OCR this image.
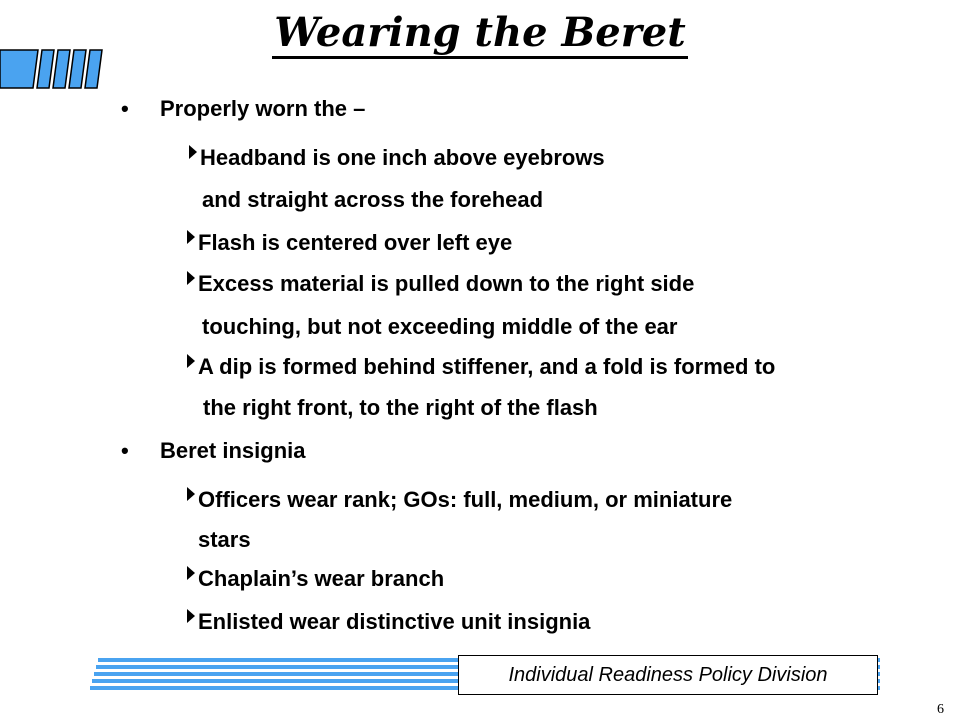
Wearing the Beret
• Properly worn the –
Headband is one inch above eyebrows
and straight across the forehead
Flash is centered over left eye
Excess material is pulled down to the right side
touching, but not exceeding middle of the ear
A dip is formed behind stiffener, and a fold is formed to
the right front, to the right of the flash
• Beret insignia
Officers wear rank; GOs: full, medium, or miniature
stars
Chaplain’s wear branch
Enlisted wear distinctive unit insignia
Individual Readiness Policy Division
6
